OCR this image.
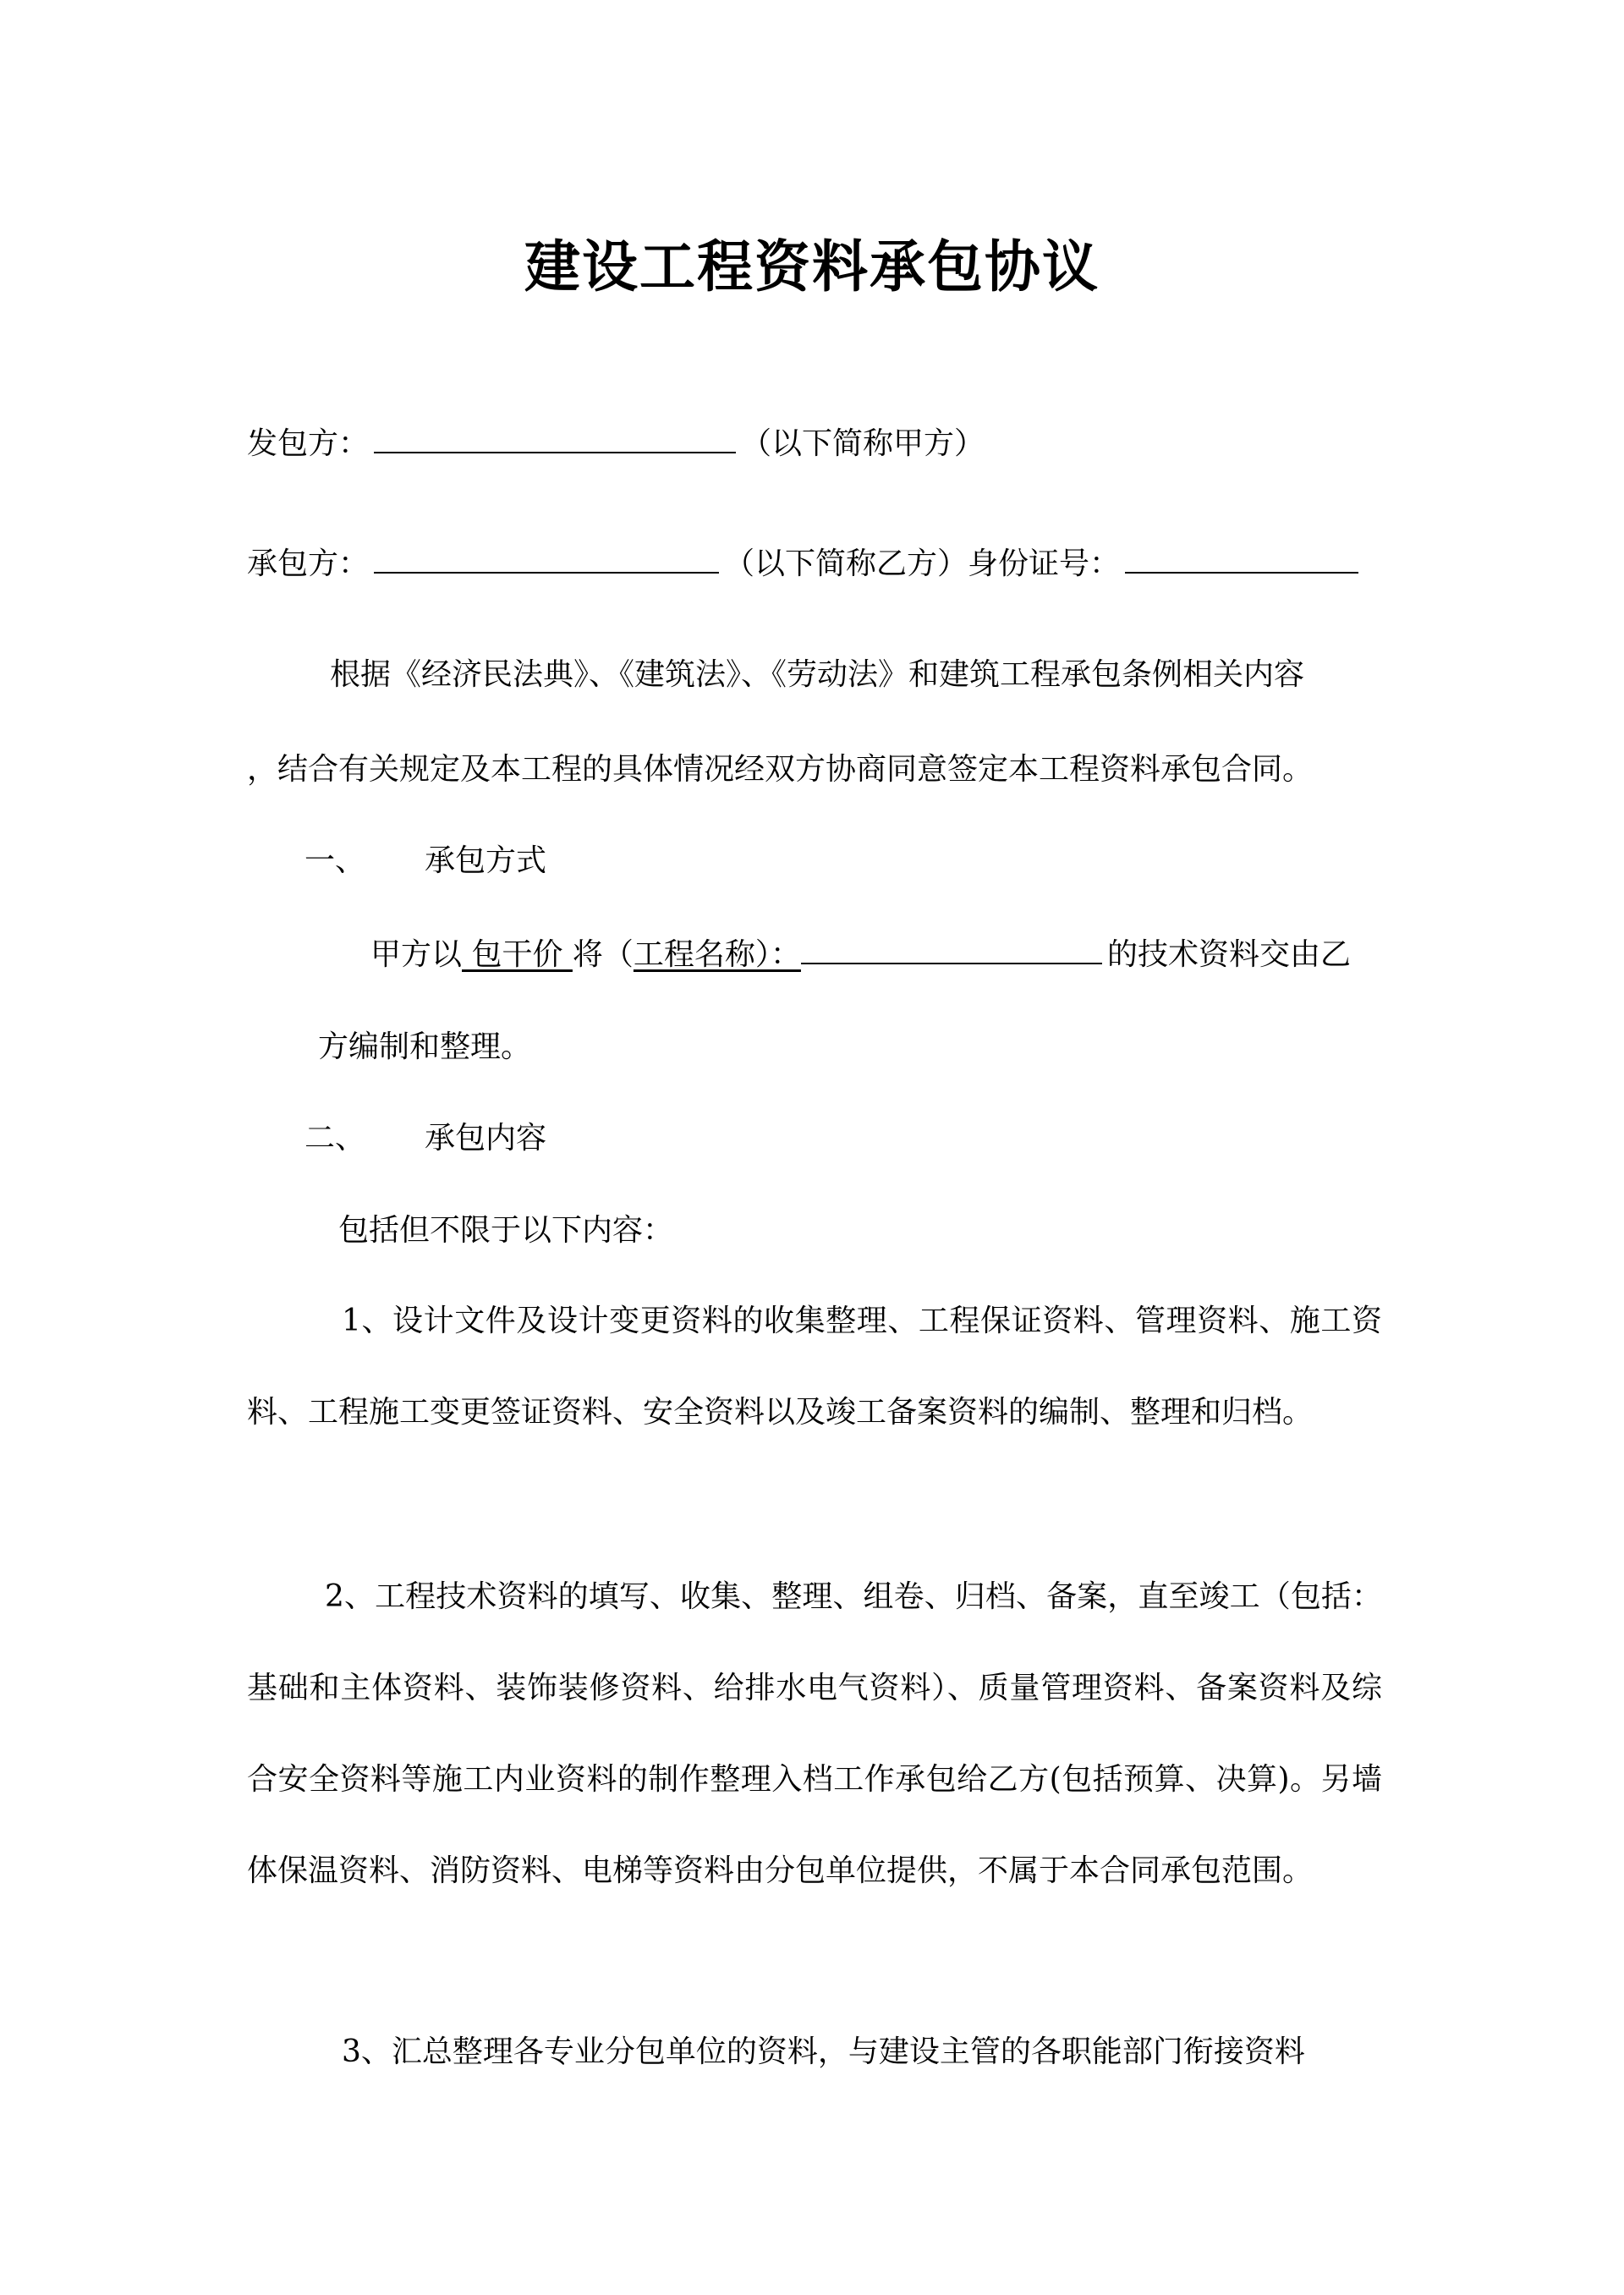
建设工程资料承包协议
发包方：	（以下简称甲方）
承包方：	（以下简称乙方）身份证号：
根据《经济民法典》、《建筑法》、《劳动法》和建筑工程承包条例相关内容
，结合有关规定及本工程的具体情况经双方协商同意签定本工程资料承包合同。
一、 承包方式
甲方以 包干价 将（工程名称）：	的技术资料交由乙
方编制和整理。
二、 承包内容
包括但不限于以下内容：

1、设计文件及设计变更资料的收集整理、工程保证资料、管理资料、施工资料、工程施工变更签证资料、安全资料以及竣工备案资料的编制、整理和归档。

2、工程技术资料的填写、收集、整理、组卷、归档、备案，直至竣工（包括：基础和主体资料、装饰装修资料、给排水电气资料）、质量管理资料、备案资料及综合安全资料等施工内业资料的制作整理入档工作承包给乙方(包括预算、决算)。另墙体保温资料、消防资料、电梯等资料由分包单位提供，不属于本合同承包范围。

3、汇总整理各专业分包单位的资料，与建设主管的各职能部门衔接资料
